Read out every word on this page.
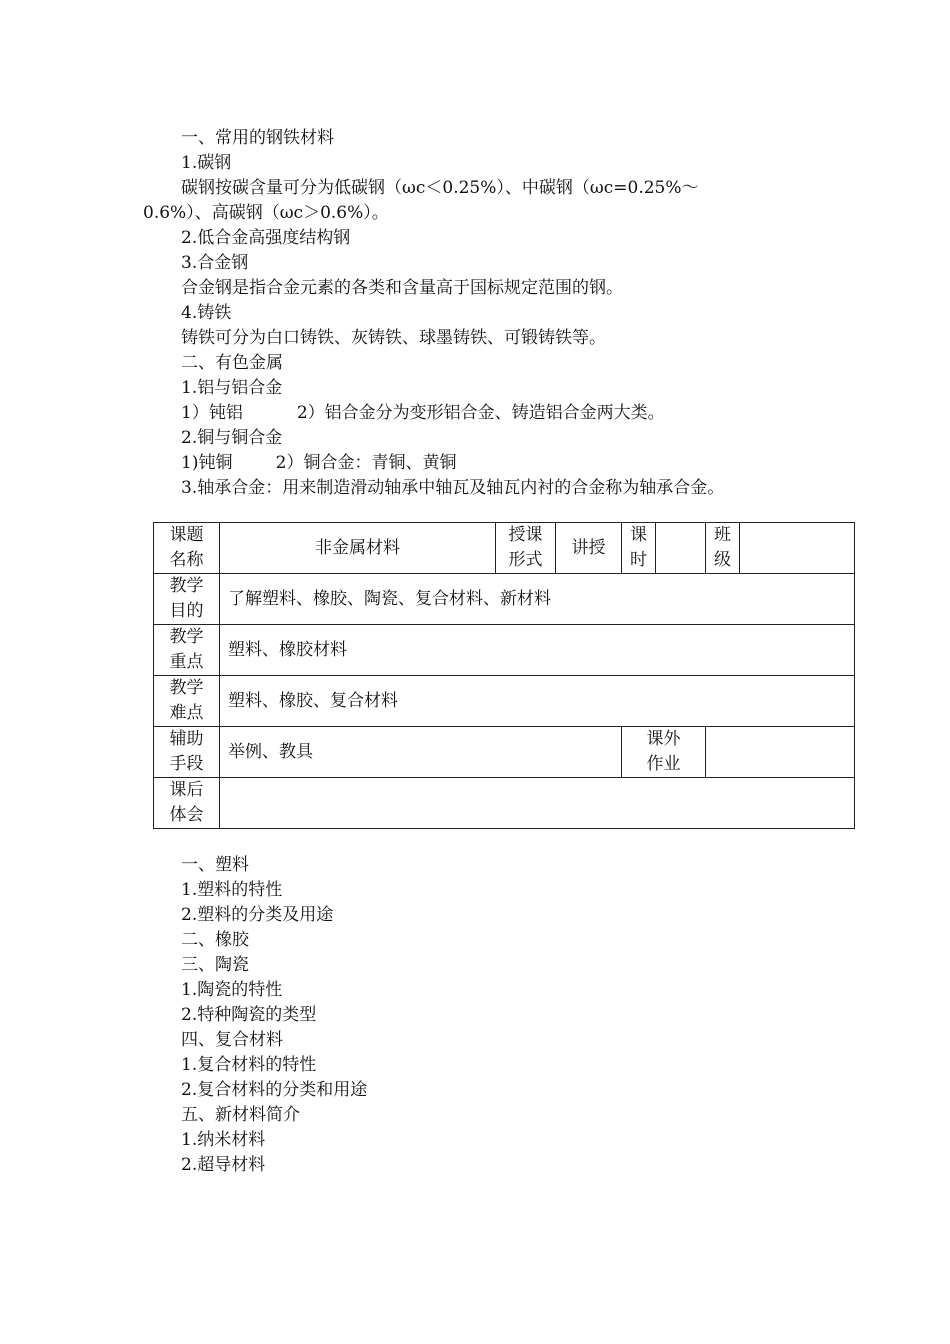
一、常用的钢铁材料
1.碳钢
碳钢按碳含量可分为低碳钢（ωc＜0.25%）、中碳钢（ωc=0.25%～
0.6%）、高碳钢（ωc＞0.6%）。
2.低合金高强度结构钢
3.合金钢
合金钢是指合金元素的各类和含量高于国标规定范围的钢。
4.铸铁
铸铁可分为白口铸铁、灰铸铁、球墨铸铁、可锻铸铁等。
二、有色金属
1.铝与铝合金
1）钝铝          2）铝合金分为变形铝合金、铸造铝合金两大类。
2.铜与铜合金
1)钝铜        2）铜合金：青铜、黄铜
3.轴承合金：用来制造滑动轴承中轴瓦及轴瓦内衬的合金称为轴承合金。
课题
名称	非金属材料	授课
形式	讲授	课
时		班
级	

教学
目的	了解塑料、橡胶、陶瓷、复合材料、新材料						

教学
重点	塑料、橡胶材料						

教学
难点	塑料、橡胶、复合材料						

辅助
手段	举例、教具			课外
作业			

课后
体会							

一、塑料
1.塑料的特性
2.塑料的分类及用途
二、橡胶
三、陶瓷
1.陶瓷的特性
2.特种陶瓷的类型
四、复合材料
1.复合材料的特性
2.复合材料的分类和用途
五、新材料简介
1.纳米材料
2.超导材料
